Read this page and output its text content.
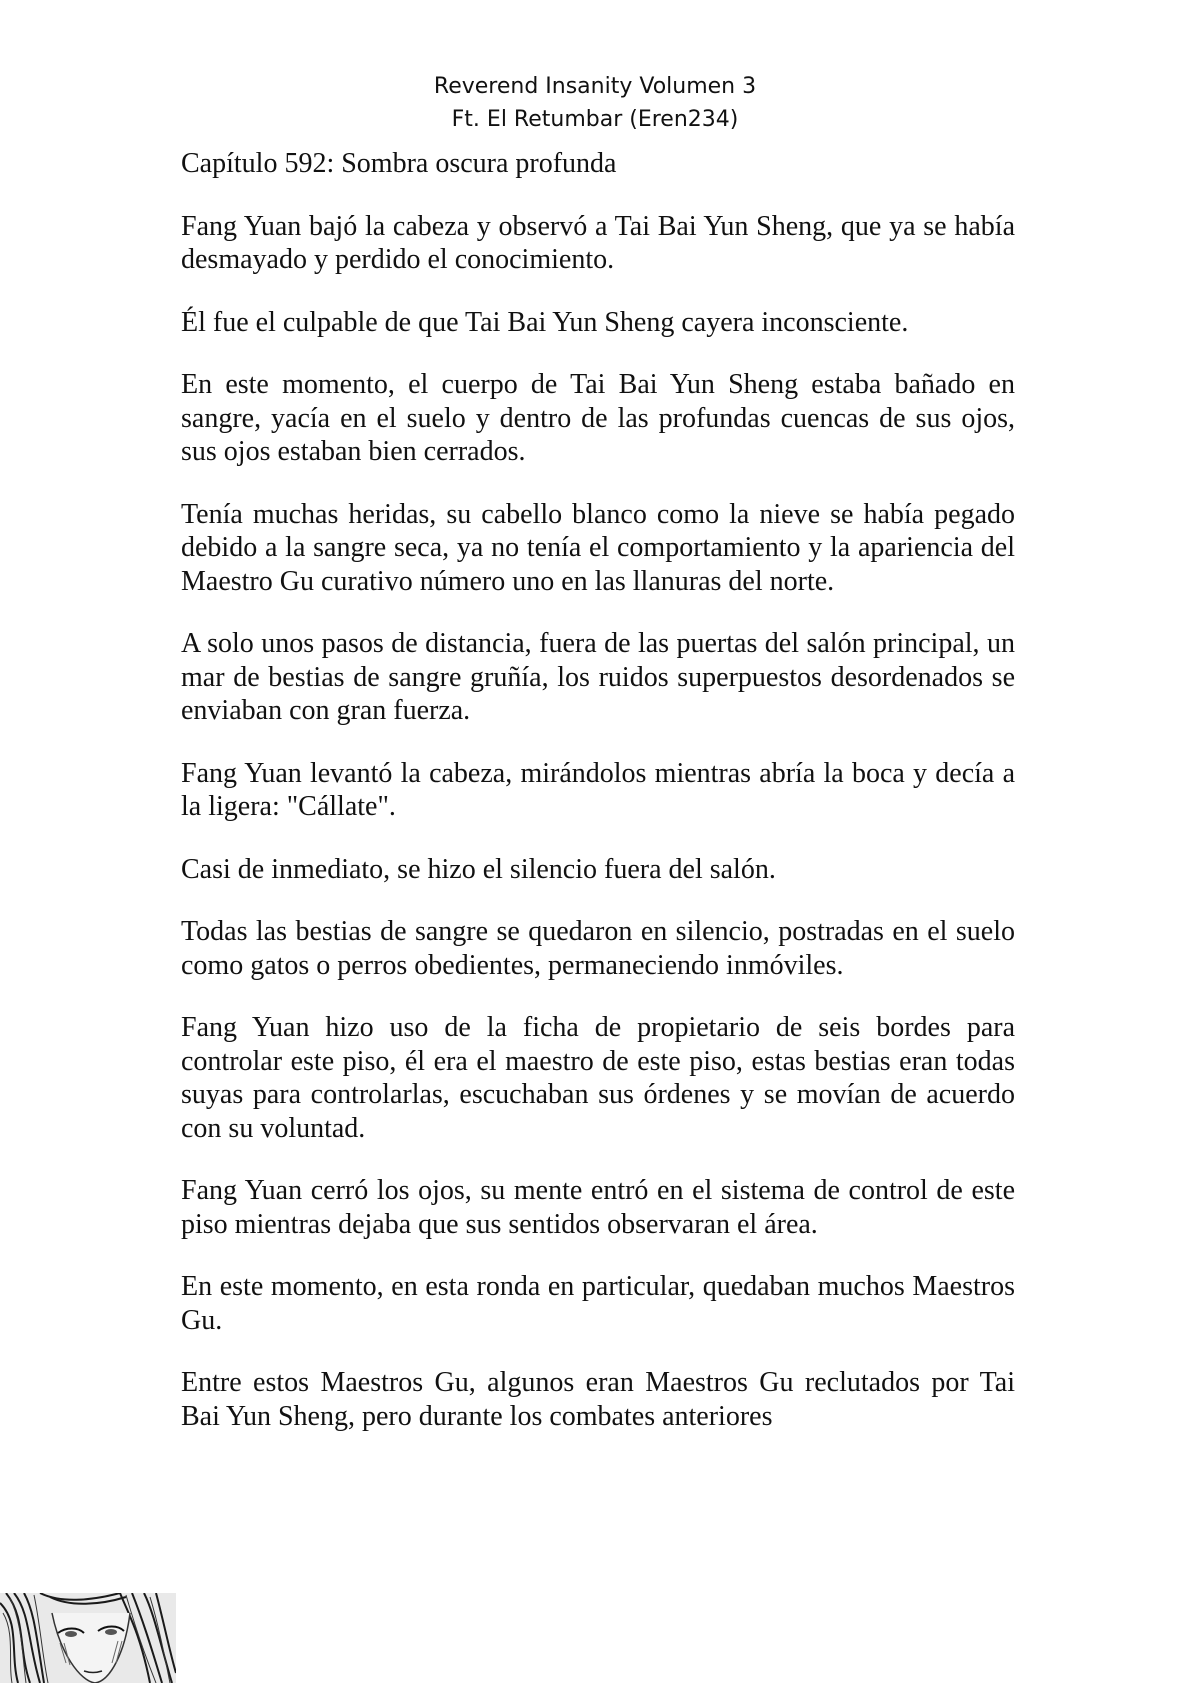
Reverend Insanity Volumen 3
Ft. El Retumbar (Eren234)
Capítulo 592: Sombra oscura profunda

Fang Yuan bajó la cabeza y observó a Tai Bai Yun Sheng, que ya se había desmayado y perdido el conocimiento.

Él fue el culpable de que Tai Bai Yun Sheng cayera inconsciente.

En este momento, el cuerpo de Tai Bai Yun Sheng estaba bañado en sangre, yacía en el suelo y dentro de las profundas cuencas de sus ojos, sus ojos estaban bien cerrados.

Tenía muchas heridas, su cabello blanco como la nieve se había pegado debido a la sangre seca, ya no tenía el comportamiento y la apariencia del Maestro Gu curativo número uno en las llanuras del norte.

A solo unos pasos de distancia, fuera de las puertas del salón principal, un mar de bestias de sangre gruñía, los ruidos superpuestos desordenados se enviaban con gran fuerza.

Fang Yuan levantó la cabeza, mirándolos mientras abría la boca y decía a la ligera: "Cállate".

Casi de inmediato, se hizo el silencio fuera del salón.

Todas las bestias de sangre se quedaron en silencio, postradas en el suelo como gatos o perros obedientes, permaneciendo inmóviles.

Fang Yuan hizo uso de la ficha de propietario de seis bordes para controlar este piso, él era el maestro de este piso, estas bestias eran todas suyas para controlarlas, escuchaban sus órdenes y se movían de acuerdo con su voluntad.

Fang Yuan cerró los ojos, su mente entró en el sistema de control de este piso mientras dejaba que sus sentidos observaran el área.

En este momento, en esta ronda en particular, quedaban muchos Maestros Gu.

Entre estos Maestros Gu, algunos eran Maestros Gu reclutados por Tai Bai Yun Sheng, pero durante los combates anteriores
